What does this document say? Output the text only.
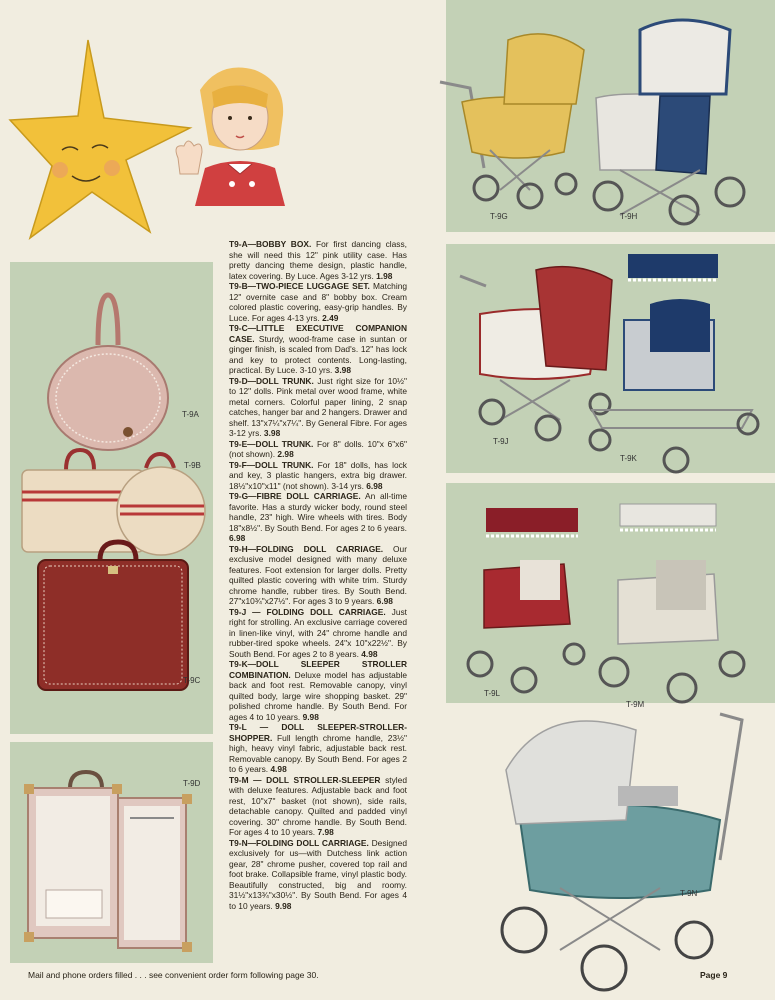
T-9A
T-9B
T-9C
T-9D
T-9G	T-9H
T-9J
T-9K
T-9L
T-9M
T-9N

T9-A—BOBBY BOX. For first dancing class, she will need this 12" pink utility case. Has pretty dancing theme design, plastic handle, latex covering. By Luce. Ages 3-12 yrs. 1.98

T9-B—TWO-PIECE LUGGAGE SET. Matching 12" overnite case and 8" bobby box. Cream colored plastic covering, easy-grip handles. By Luce. For ages 4-13 yrs. 2.49

T9-C—LITTLE EXECUTIVE COMPANION CASE. Sturdy, wood-frame case in suntan or ginger finish, is scaled from Dad's. 12" has lock and key to protect contents. Long-lasting, practical. By Luce. 3-10 yrs. 3.98

T9-D—DOLL TRUNK. Just right size for 10½" to 12" dolls. Pink metal over wood frame, white metal corners. Colorful paper lining, 2 snap catches, hanger bar and 2 hangers. Drawer and shelf. 13"x7¼"x7¼". By General Fibre. For ages 3-12 yrs. 3.98

T9-E—DOLL TRUNK. For 8" dolls. 10"x 6"x6" (not shown). 2.98

T9-F—DOLL TRUNK. For 18" dolls, has lock and key, 3 plastic hangers, extra big drawer. 18½"x10"x11" (not shown). 3-14 yrs. 6.98

T9-G—FIBRE DOLL CARRIAGE. An all-time favorite. Has a sturdy wicker body, round steel handle, 23" high. Wire wheels with tires. Body 18"x8½". By South Bend. For ages 2 to 6 years. 6.98

T9-H—FOLDING DOLL CARRIAGE. Our exclusive model designed with many deluxe features. Foot extension for larger dolls. Pretty quilted plastic covering with white trim. Sturdy chrome handle, rubber tires. By South Bend. 27"x10¾"x27½". For ages 3 to 9 years. 6.98

T9-J — FOLDING DOLL CARRIAGE. Just right for strolling. An exclusive carriage covered in linen-like vinyl, with 24" chrome handle and rubber-tired spoke wheels. 24"x 10"x22½". By South Bend. For ages 2 to 8 years. 4.98

T9-K—DOLL SLEEPER STROLLER COMBINATION. Deluxe model has adjustable back and foot rest. Removable canopy, vinyl quilted body, large wire shopping basket. 29" polished chrome handle. By South Bend. For ages 4 to 10 years. 9.98

T9-L — DOLL SLEEPER-STROLLER-SHOPPER. Full length chrome handle, 23½" high, heavy vinyl fabric, adjustable back rest. Removable canopy. By South Bend. For ages 2 to 6 years. 4.98

T9-M — DOLL STROLLER-SLEEPER styled with deluxe features. Adjustable back and foot rest, 10"x7" basket (not shown), side rails, detachable canopy. Quilted and padded vinyl covering. 30" chrome handle. By South Bend. For ages 4 to 10 years. 7.98

T9-N—FOLDING DOLL CARRIAGE. Designed exclusively for us—with Dutchess link action gear, 28" chrome pusher, covered top rail and foot brake. Collapsible frame, vinyl plastic body. Beautifully constructed, big and roomy. 31½"x13¾"x30½". By South Bend. For ages 4 to 10 years. 9.98

Mail and phone orders filled . . . see convenient order form following page 30.	Page 9
